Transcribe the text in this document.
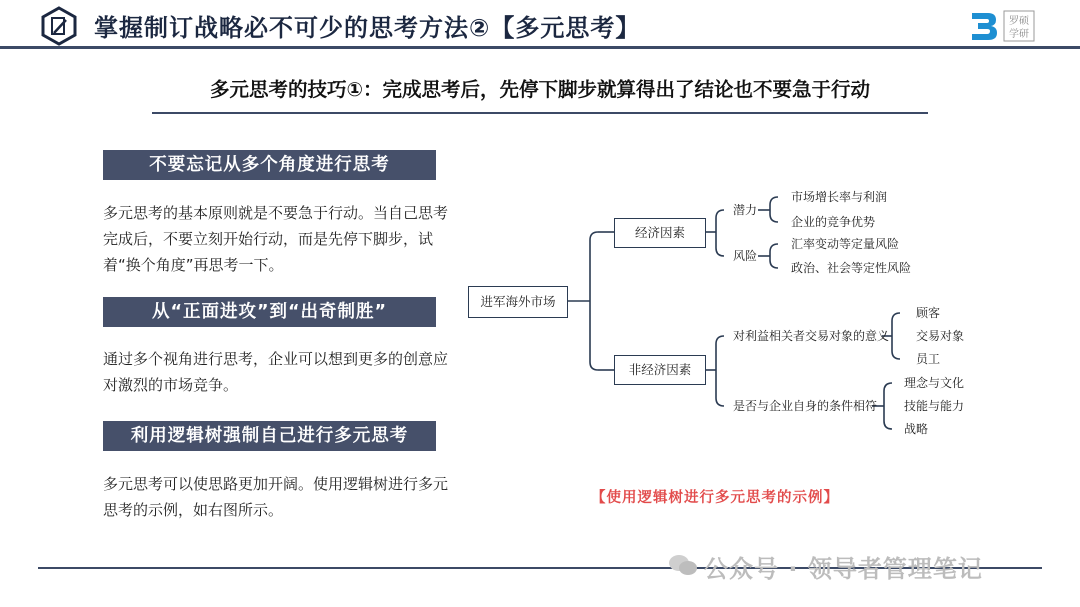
掌握制订战略必不可少的思考方法②【多元思考】	罗硕
学研
多元思考的技巧①：完成思考后，先停下脚步就算得出了结论也不要急于行动
不要忘记从多个角度进行思考
多元思考的基本原则就是不要急于行动。当自己思考完成后，不要立刻开始行动，而是先停下脚步，试着“换个角度”再思考一下。
从“正面进攻”到“出奇制胜”
通过多个视角进行思考，企业可以想到更多的创意应对激烈的市场竞争。
利用逻辑树强制自己进行多元思考
多元思考可以使思路更加开阔。使用逻辑树进行多元思考的示例，如右图所示。
进军海外市场
经济因素
非经济因素
潜力
风险
市场增长率与利润
企业的竞争优势
汇率变动等定量风险
政治、社会等定性风险
对利益相关者交易对象的意义
是否与企业自身的条件相符
顾客
交易对象
员工
理念与文化
技能与能力
战略
【使用逻辑树进行多元思考的示例】
公众号 · 领导者管理笔记
